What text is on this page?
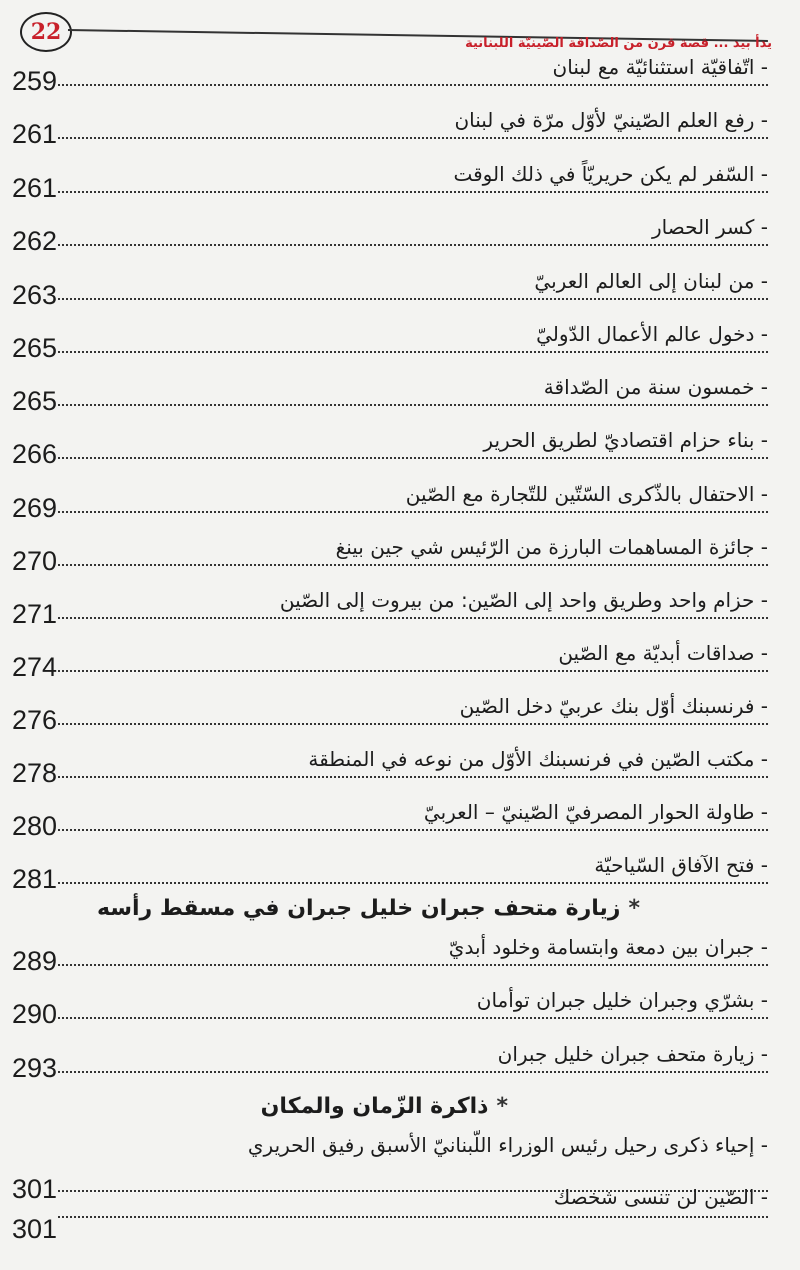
22	يدأ بيد ... قصة قرن من الصّداقة الصّينيّة اللبنانية
- اتّفاقيّة استثنائيّة مع لبنان
259
- رفع العلم الصّينيّ لأوّل مرّة في لبنان
261
- السّفر لم يكن حريريّاً في ذلك الوقت
261
- كسر الحصار
262
- من لبنان إلى العالم العربيّ
263
- دخول عالم الأعمال الدّوليّ
265
- خمسون سنة من الصّداقة
265
- بناء حزام اقتصاديّ لطريق الحرير
266
- الاحتفال بالذّكرى السّتّين للتّجارة مع الصّين
269
- جائزة المساهمات البارزة من الرّئيس شي جين بينغ
270
- حزام واحد وطريق واحد إلى الصّين: من بيروت إلى الصّين
271
- صداقات أبديّة مع الصّين
274
- فرنسبنك أوّل بنك عربيّ دخل الصّين
276
- مكتب الصّين في فرنسبنك الأوّل من نوعه في المنطقة
278
- طاولة الحوار المصرفيّ الصّينيّ – العربيّ
280
- فتح الآفاق السّياحيّة
281
*زيارة متحف جبران خليل جبران في مسقط رأسه
- جبران بين دمعة وابتسامة وخلود أبديّ
289
- بشرّي وجبران خليل جبران توأمان
290
- زيارة متحف جبران خليل جبران
293
*ذاكرة الزّمان والمكان
- إحياء ذكرى رحيل رئيس الوزراء اللّبنانيّ الأسبق رفيق الحريري
301	- الصّين لن تنسى شخصك
301
